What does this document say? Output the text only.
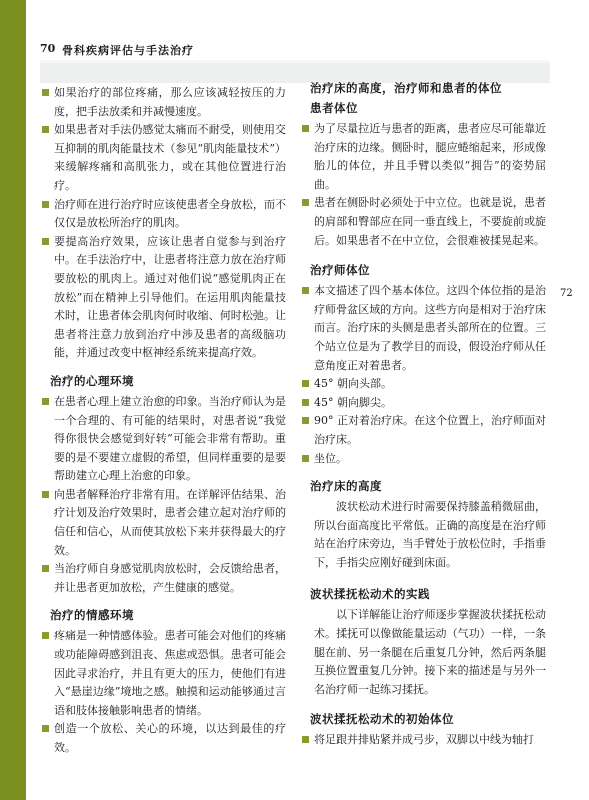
70 骨科疾病评估与手法治疗
72
如果治疗的部位疼痛，那么应该减轻按压的力度，把手法放柔和并减慢速度。
如果患者对手法仍感觉太痛而不耐受，则使用交互抑制的肌肉能量技术（参见“肌肉能量技术”）来缓解疼痛和高肌张力，或在其他位置进行治疗。
治疗师在进行治疗时应该使患者全身放松，而不仅仅是放松所治疗的肌肉。
要提高治疗效果，应该让患者自觉参与到治疗中。在手法治疗中，让患者将注意力放在治疗师要放松的肌肉上。通过对他们说“感觉肌肉正在放松”而在精神上引导他们。在运用肌肉能量技术时，让患者体会肌肉何时收缩、何时松弛。让患者将注意力放到治疗中涉及患者的高级脑功能，并通过改变中枢神经系统来提高疗效。
治疗的心理环境
在患者心理上建立治愈的印象。当治疗师认为是一个合理的、有可能的结果时，对患者说“我觉得你很快会感觉到好转”可能会非常有帮助。重要的是不要建立虚假的希望，但同样重要的是要帮助建立心理上治愈的印象。
向患者解释治疗非常有用。在详解评估结果、治疗计划及治疗效果时，患者会建立起对治疗师的信任和信心，从而使其放松下来并获得最大的疗效。
当治疗师自身感觉肌肉放松时，会反馈给患者，并让患者更加放松，产生健康的感觉。
治疗的情感环境
疼痛是一种情感体验。患者可能会对他们的疼痛或功能障碍感到沮丧、焦虑或恐惧。患者可能会因此寻求治疗，并且有更大的压力，使他们有进入“悬崖边缘”境地之感。触摸和运动能够通过言语和肢体接触影响患者的情绪。
创造一个放松、关心的环境，以达到最佳的疗效。
治疗床的高度，治疗师和患者的体位
患者体位
为了尽量拉近与患者的距离，患者应尽可能靠近治疗床的边缘。侧卧时，腿应蜷缩起来，形成像胎儿的体位，并且手臂以类似“拥告”的姿势屈曲。
患者在侧卧时必须处于中立位。也就是说，患者的肩部和臀部应在同一垂直线上，不要旋前或旋后。如果患者不在中立位，会很难被揉晃起来。
治疗师体位
本文描述了四个基本体位。这四个体位指的是治疗师骨盆区域的方向。这些方向是相对于治疗床而言。治疗床的头侧是患者头部所在的位置。三个站立位是为了教学目的而设，假设治疗师从任意角度正对着患者。
45° 朝向头部。
45° 朝向脚尖。
90° 正对着治疗床。在这个位置上，治疗师面对治疗床。
坐位。
治疗床的高度

波状松动术进行时需要保持膝盖稍微屈曲，所以台面高度比平常低。正确的高度是在治疗师站在治疗床旁边，当手臂处于放松位时，手指垂下，手指尖应刚好碰到床面。

波状揉抚松动术的实践

以下详解能让治疗师逐步掌握波状揉抚松动术。揉抚可以像做能量运动（气功）一样，一条腿在前、另一条腿在后重复几分钟，然后两条腿互换位置重复几分钟。接下来的描述是与另外一名治疗师一起练习揉抚。

波状揉抚松动术的初始体位
将足跟并排贴紧并成弓步，双脚以中线为轴打
